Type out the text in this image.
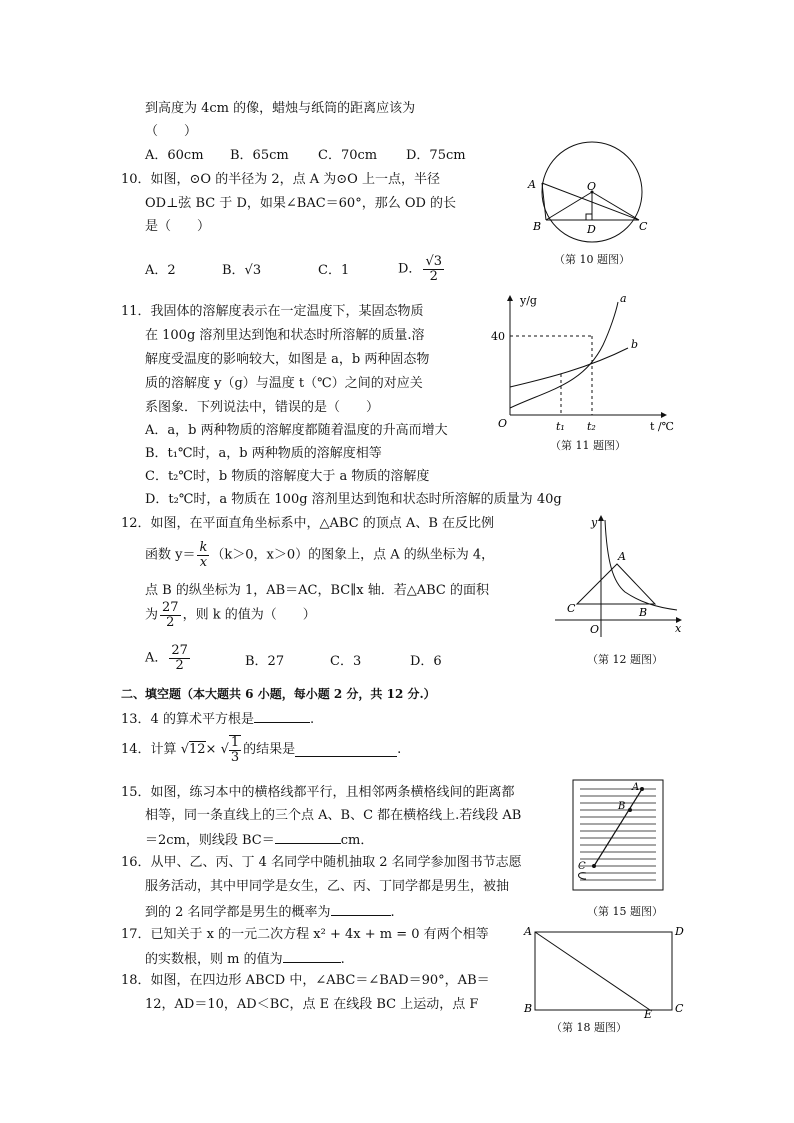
到高度为 4cm 的像，蜡烛与纸筒的距离应该为
（　　）
A．60cm B．65cm C．70cm D．75cm
10．如图，⊙O 的半径为 2，点 A 为⊙O 上一点，半径
OD⊥弦 BC 于 D，如果∠BAC＝60°，那么 OD 的长
是（　　）
A．2	B．√3	C．1	D． $\frac{√3}{2}$
A	O
B	D	C
（第 10 题图）
11．我固体的溶解度表示在一定温度下，某固态物质
在 100g 溶剂里达到饱和状态时所溶解的质量.溶
解度受温度的影响较大，如图是 a，b 两种固态物
质的溶解度 y（g）与温度 t（℃）之间的对应关
系图象．下列说法中，错误的是（　　）
A．a，b 两种物质的溶解度都随着温度的升高而增大
B．t₁℃时，a，b 两种物质的溶解度相等
C．t₂℃时，b 物质的溶解度大于 a 物质的溶解度
D．t₂℃时，a 物质在 100g 溶剂里达到饱和状态时所溶解的质量为 40g
y/g
40
O	t₁ t₂	t /℃
a
b
（第 11 题图）
12．如图，在平面直角坐标系中，△ABC 的顶点 A、B 在反比例
函数 $y= \frac{k}{x} (k>0$，x＞0）的图象上，点 A 的纵坐标为 4，
点 B 的纵坐标为 1，AB＝AC，BC∥x 轴．若△ABC 的面积
为 $\frac{27}{2}$ ，则 k 的值为（　　）
A． $\frac{27}{2}$	B．27	C．3	D．6
y
x
O
A
B
C
（第 12 题图）
二、填空题（本大题共 6 小题，每小题 2 分，共 12 分.）
13．4 的算术平方根是	.
14．计算 √12× √ $\frac{1}{3}$ 的结果是	.
15．如图，练习本中的横格线都平行，且相邻两条横格线间的距离都
相等，同一条直线上的三个点 A、B、C 都在横格线上.若线段 AB
＝2cm，则线段 BC＝	cm．
A
B
C
（第 15 题图）
16．从甲、乙、丙、丁 4 名同学中随机抽取 2 名同学参加图书节志愿
服务活动，其中甲同学是女生，乙、丙、丁同学都是男生，被抽
到的 2 名同学都是男生的概率为	.
17．已知关于 x 的一元二次方程 x² + 4x + m = 0 有两个相等
的实数根，则 m 的值为	.
18．如图，在四边形 ABCD 中，∠ABC＝∠BAD＝90°，AB＝
12，AD＝10，AD＜BC，点 E 在线段 BC 上运动，点 F
A	D
B	E C
（第 18 题图）
